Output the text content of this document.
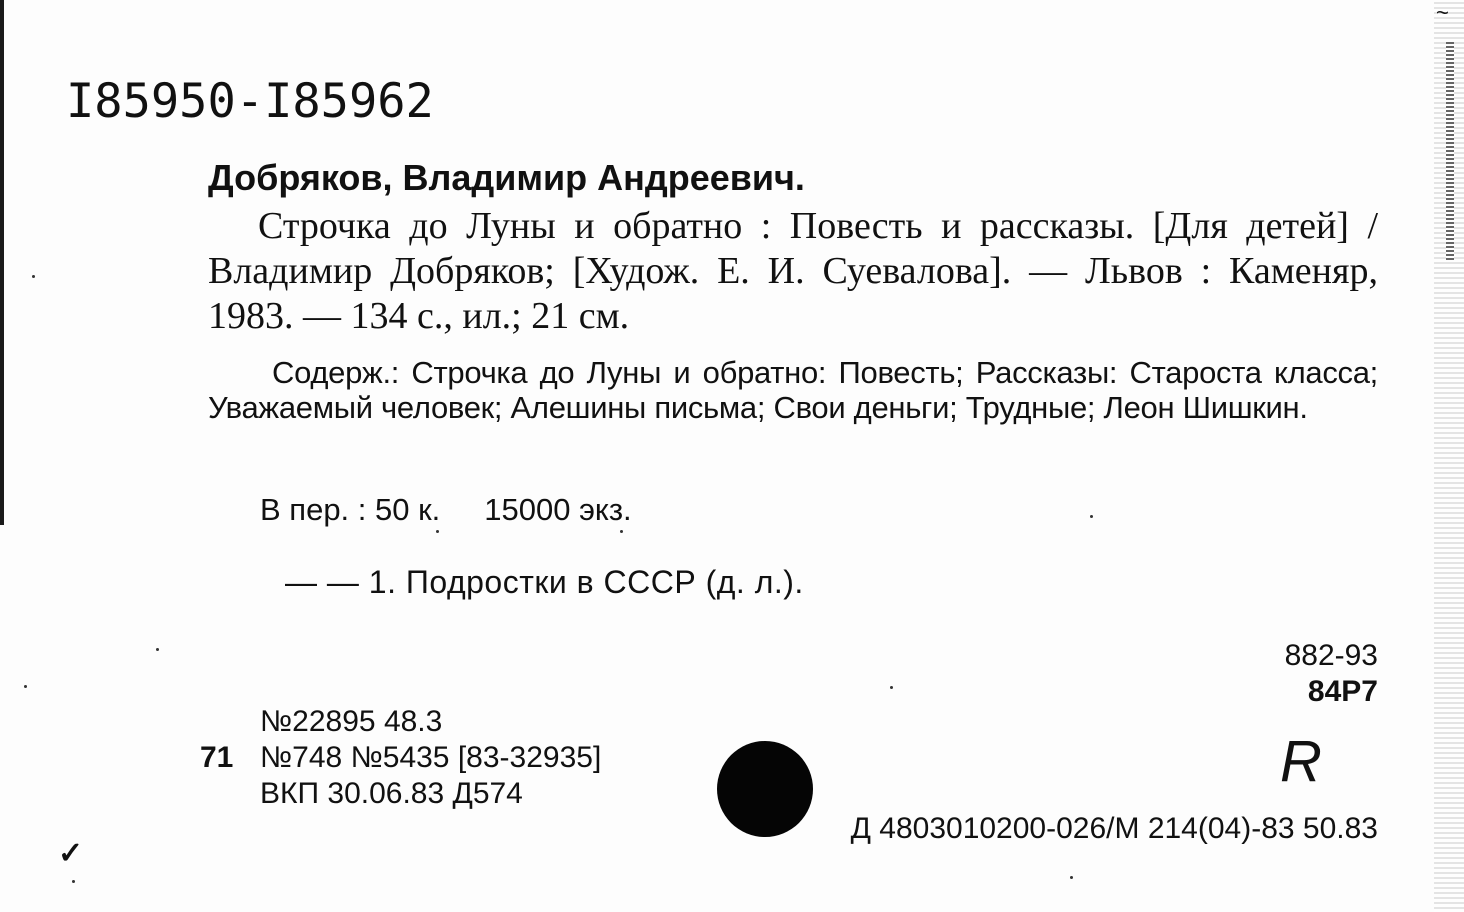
I85950-I85962
Добряков, Владимир Андреевич.

Строчка до Луны и обратно : Повесть и рассказы. [Для детей] / Владимир Добряков; [Худож. Е. И. Суевалова]. — Львов : Каменяр, 1983. — 134 с., ил.; 21 см.

Содерж.: Строчка до Луны и обратно: Повесть; Рассказы: Староста класса; Уважаемый человек; Алешины письма; Свои деньги; Трудные; Леон Шишкин.
В пер. : 50 к. 15000 экз.
— — 1. Подростки в СССР (д. л.).
882-93
84Р7
№22895 48.3
71 №748 №5435 [83-32935]
ВКП 30.06.83 Д574
Д 4803010200-026/М 214(04)-83 50.83
R
✓
~
